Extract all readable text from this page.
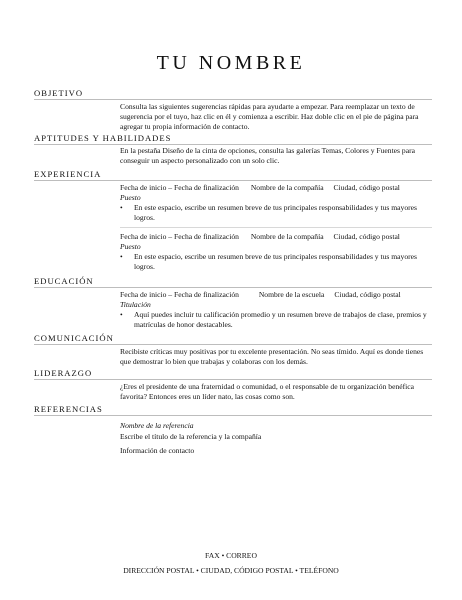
TU NOMBRE
OBJETIVO
Consulta las siguientes sugerencias rápidas para ayudarte a empezar. Para reemplazar un texto de sugerencia por el tuyo, haz clic en él y comienza a escribir. Haz doble clic en el pie de página para agregar tu propia información de contacto.
APTITUDES Y HABILIDADES
En la pestaña Diseño de la cinta de opciones, consulta las galerías Temas, Colores y Fuentes para conseguir un aspecto personalizado con un solo clic.
EXPERIENCIA
Fecha de inicio – Fecha de finalización Nombre de la compañía Ciudad, código postal
Puesto
• En este espacio, escribe un resumen breve de tus principales responsabilidades y tus mayores logros.
Fecha de inicio – Fecha de finalización Nombre de la compañía Ciudad, código postal
Puesto
• En este espacio, escribe un resumen breve de tus principales responsabilidades y tus mayores logros.
EDUCACIÓN
Fecha de inicio – Fecha de finalización	Nombre de la escuela Ciudad, código postal
Titulación
• Aquí puedes incluir tu calificación promedio y un resumen breve de trabajos de clase, premios y matrículas de honor destacables.
COMUNICACIÓN
Recibiste críticas muy positivas por tu excelente presentación. No seas tímido. Aquí es donde tienes que demostrar lo bien que trabajas y colaboras con los demás.
LIDERAZGO
¿Eres el presidente de una fraternidad o comunidad, o el responsable de tu organización benéfica favorita? Entonces eres un líder nato, las cosas como son.
REFERENCIAS
Nombre de la referencia
Escribe el título de la referencia y la compañía
Información de contacto
FAX • CORREO
DIRECCIÓN POSTAL • CIUDAD, CÓDIGO POSTAL • TELÉFONO
